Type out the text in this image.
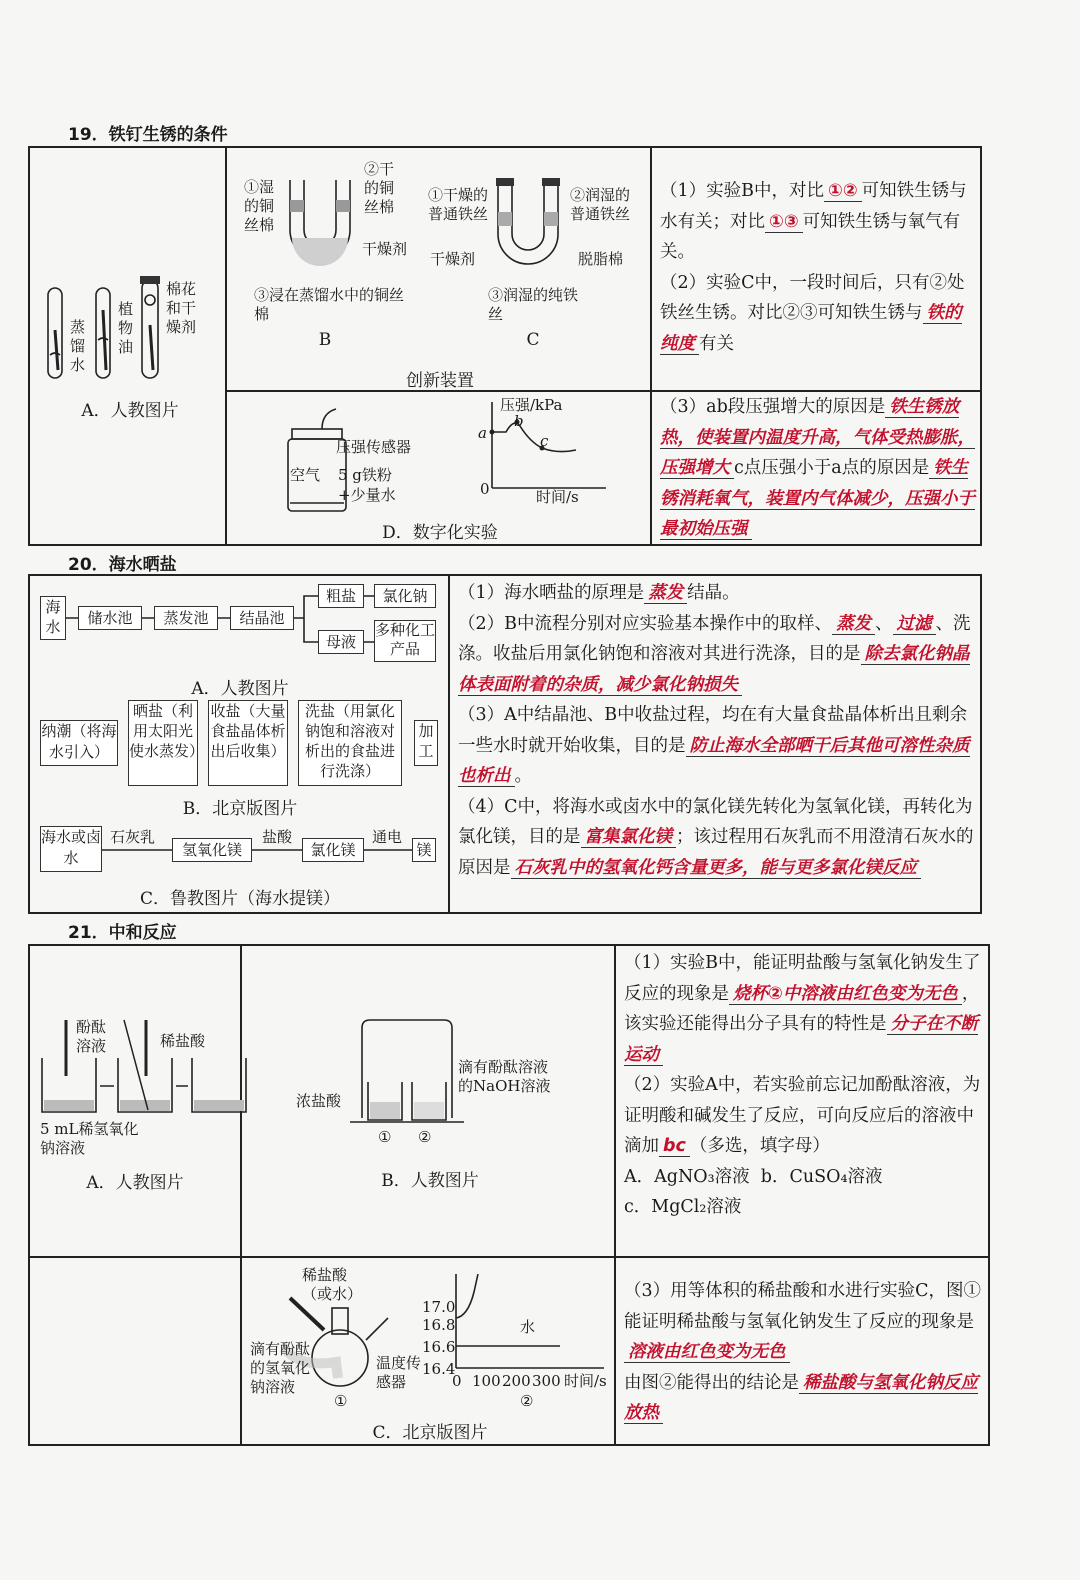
19．铁钉生锈的条件
蒸馏水
植物油
棉花和干燥剂
A．人教图片
①湿的铜丝棉
②干的铜丝棉
干燥剂
③浸在蒸馏水中的铜丝棉
B
①干燥的普通铁丝
②润湿的普通铁丝
干燥剂	脱脂棉
③润湿的纯铁丝
C
创新装置
压强传感器
空气	5 g铁粉
+少量水
压强/kPa
时间/s
0
a
b
c
D．数字化实验
（1）实验B中，对比 ①② 可知铁生锈与水有关；对比 ①③ 可知铁生锈与氧气有关。
（2）实验C中，一段时间后，只有②处铁丝生锈。对比②③可知铁生锈与 铁的纯度 有关
（3）ab段压强增大的原因是 铁生锈放热，使装置内温度升高，气体受热膨胀，压强增大 c点压强小于a点的原因是 铁生锈消耗氧气，装置内气体减少，压强小于最初始压强
20．海水晒盐
海水	储水池	蒸发池	结晶池
粗盐	氯化钠
母液
多种化工产品
A．人教图片
纳潮（将海水引入）
晒盐（利用太阳光使水蒸发）
收盐（大量食盐晶体析出后收集）
洗盐（用氯化钠饱和溶液对析出的食盐进行洗涤）
加工
B．北京版图片
海水或卤水
石灰乳
氢氧化镁
盐酸
氯化镁
通电
镁
C．鲁教图片（海水提镁）
（1）海水晒盐的原理是 蒸发 结晶。
（2）B中流程分别对应实验基本操作中的取样、 蒸发 、 过滤 、洗涤。收盐后用氯化钠饱和溶液对其进行洗涤，目的是 除去氯化钠晶体表面附着的杂质，减少氯化钠损失
（3）A中结晶池、B中收盐过程，均在有大量食盐晶体析出且剩余一些水时就开始收集，目的是 防止海水全部晒干后其他可溶性杂质也析出 。
（4）C中，将海水或卤水中的氯化镁先转化为氢氧化镁，再转化为氯化镁，目的是 富集氯化镁 ；该过程用石灰乳而不用澄清石灰水的原因是 石灰乳中的氢氧化钙含量更多，能与更多氯化镁反应
21．中和反应
酚酞溶液	稀盐酸
5 mL稀氢氧化钠溶液
A．人教图片
浓盐酸
滴有酚酞溶液的NaOH溶液
① ②
B．人教图片
稀盐酸（或水）
滴有酚酞的氢氧化钠溶液
温度传感器
①
17.0
16.8
16.6
16.4
0 100 200 300 时间/s
水
②
C．北京版图片
（1）实验B中，能证明盐酸与氢氧化钠发生了反应的现象是 烧杯②中溶液由红色变为无色 ，该实验还能得出分子具有的特性是 分子在不断运动
（2）实验A中，若实验前忘记加酚酞溶液，为证明酸和碱发生了反应，可向反应后的溶液中滴加 bc （多选，填字母）
A．AgNO₃溶液 b．CuSO₄溶液
c．MgCl₂溶液
（3）用等体积的稀盐酸和水进行实验C，图①能证明稀盐酸与氢氧化钠发生了反应的现象是溶液由红色变为无色
由图②能得出的结论是 稀盐酸与氢氧化钠反应放热
